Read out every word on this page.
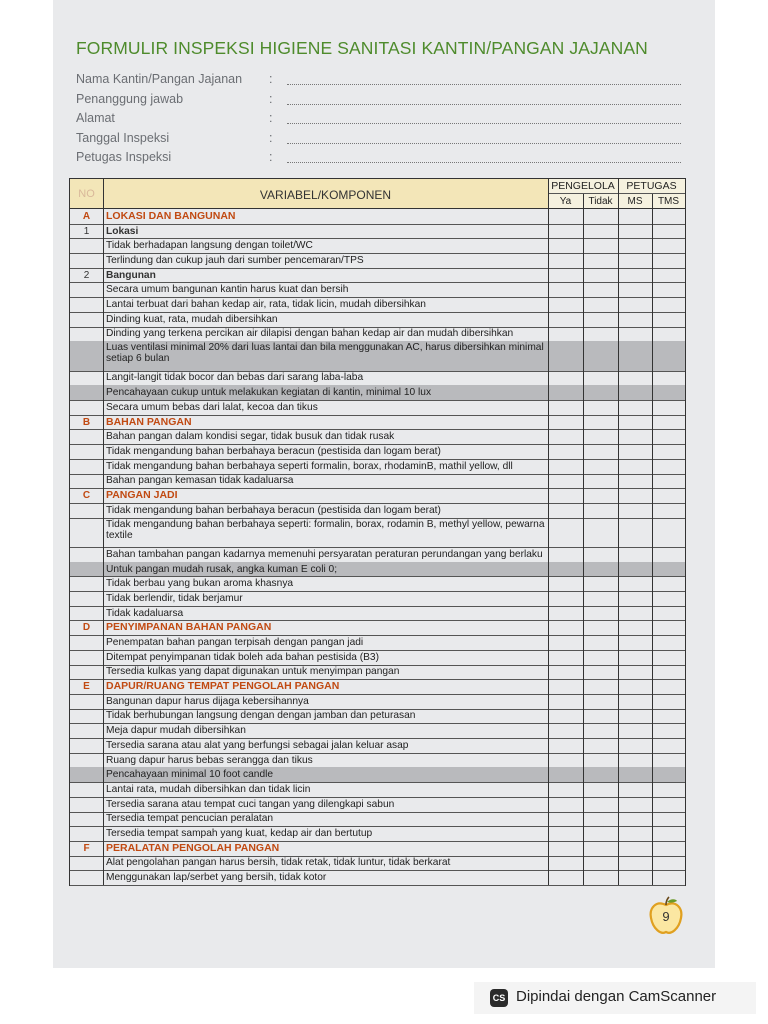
FORMULIR INSPEKSI HIGIENE SANITASI KANTIN/PANGAN JAJANAN
Nama Kantin/Pangan Jajanan :
Penanggung jawab	:
Alamat	:
Tanggal Inspeksi	:
Petugas Inspeksi	:
NO	VARIABEL/KOMPONEN
PENGELOLA	PETUGAS
Ya	Tidak	MS	TMS
A	LOKASI DAN BANGUNAN
1	Lokasi
Tidak berhadapan langsung dengan toilet/WC
Terlindung dan cukup jauh dari sumber pencemaran/TPS
2	Bangunan
Secara umum bangunan kantin harus kuat dan bersih
Lantai terbuat dari bahan kedap air, rata, tidak licin, mudah dibersihkan
Dinding kuat, rata, mudah dibersihkan
Dinding yang terkena percikan air dilapisi dengan bahan kedap air dan mudah dibersihkan
Luas ventilasi minimal 20% dari luas lantai dan bila menggunakan AC, harus dibersihkan minimal setiap 6 bulan
Langit-langit tidak bocor dan bebas dari sarang laba-laba
Pencahayaan cukup untuk melakukan kegiatan di kantin, minimal 10 lux
Secara umum bebas dari lalat, kecoa dan tikus
B	BAHAN PANGAN
Bahan pangan dalam kondisi segar, tidak busuk dan tidak rusak
Tidak mengandung bahan berbahaya beracun (pestisida dan logam berat)
Tidak mengandung bahan berbahaya seperti formalin, borax, rhodaminB, mathil yellow, dll
Bahan pangan kemasan tidak kadaluarsa
C	PANGAN JADI
Tidak mengandung bahan berbahaya beracun (pestisida dan logam berat)
Tidak mengandung bahan berbahaya seperti: formalin, borax, rodamin B, methyl yellow, pewarna textile
Bahan tambahan pangan kadarnya memenuhi persyaratan peraturan perundangan yang berlaku
Untuk pangan mudah rusak, angka kuman E coli 0;
Tidak berbau yang bukan aroma khasnya
Tidak berlendir, tidak berjamur
Tidak kadaluarsa
D	PENYIMPANAN BAHAN PANGAN
Penempatan bahan pangan terpisah dengan pangan jadi
Ditempat penyimpanan tidak boleh ada bahan pestisida (B3)
Tersedia kulkas yang dapat digunakan untuk menyimpan pangan
E	DAPUR/RUANG TEMPAT PENGOLAH PANGAN
Bangunan dapur harus dijaga kebersihannya
Tidak berhubungan langsung dengan dengan jamban dan peturasan
Meja dapur mudah dibersihkan
Tersedia sarana atau alat yang berfungsi sebagai jalan keluar asap
Ruang dapur harus bebas serangga dan tikus
Pencahayaan minimal 10 foot candle
Lantai rata, mudah dibersihkan dan tidak licin
Tersedia sarana atau tempat cuci tangan yang dilengkapi sabun
Tersedia tempat pencucian peralatan
Tersedia tempat sampah yang kuat, kedap air dan bertutup
F	PERALATAN PENGOLAH PANGAN
Alat pengolahan pangan harus bersih, tidak retak, tidak luntur, tidak berkarat
Menggunakan lap/serbet yang bersih, tidak kotor
9
CS Dipindai dengan CamScanner
